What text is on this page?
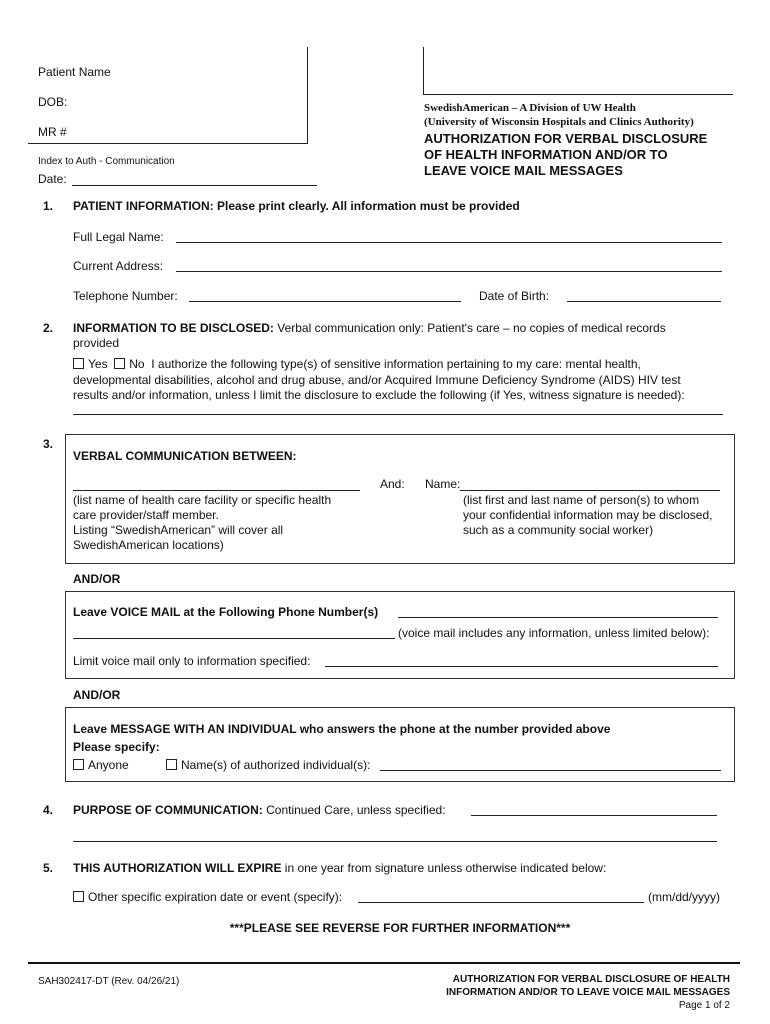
Patient Name
DOB:
MR #
Index to Auth - Communication
Date:
SwedishAmerican – A Division of UW Health
(University of Wisconsin Hospitals and Clinics Authority)
AUTHORIZATION FOR VERBAL DISCLOSURE
OF HEALTH INFORMATION AND/OR TO
LEAVE VOICE MAIL MESSAGES
1. PATIENT INFORMATION: Please print clearly. All information must be provided
Full Legal Name:
Current Address:
Telephone Number:	Date of Birth:
2. INFORMATION TO BE DISCLOSED: Verbal communication only: Patient's care – no copies of medical records
provided
Yes No I authorize the following type(s) of sensitive information pertaining to my care: mental health,
developmental disabilities, alcohol and drug abuse, and/or Acquired Immune Deficiency Syndrome (AIDS) HIV test
results and/or information, unless I limit the disclosure to exclude the following (if Yes, witness signature is needed):
3.
VERBAL COMMUNICATION BETWEEN:
And: Name:
(list name of health care facility or specific health
care provider/staff member.
Listing “SwedishAmerican” will cover all
SwedishAmerican locations)
(list first and last name of person(s) to whom
your confidential information may be disclosed,
such as a community social worker)
AND/OR
Leave VOICE MAIL at the Following Phone Number(s)
(voice mail includes any information, unless limited below):
Limit voice mail only to information specified:
AND/OR
Leave MESSAGE WITH AN INDIVIDUAL who answers the phone at the number provided above
Please specify:
Anyone	Name(s) of authorized individual(s):
4. PURPOSE OF COMMUNICATION: Continued Care, unless specified:
5. THIS AUTHORIZATION WILL EXPIRE in one year from signature unless otherwise indicated below:
Other specific expiration date or event (specify):	(mm/dd/yyyy)
***PLEASE SEE REVERSE FOR FURTHER INFORMATION***
SAH302417-DT (Rev. 04/26/21)	AUTHORIZATION FOR VERBAL DISCLOSURE OF HEALTH
INFORMATION AND/OR TO LEAVE VOICE MAIL MESSAGES
Page 1 of 2
